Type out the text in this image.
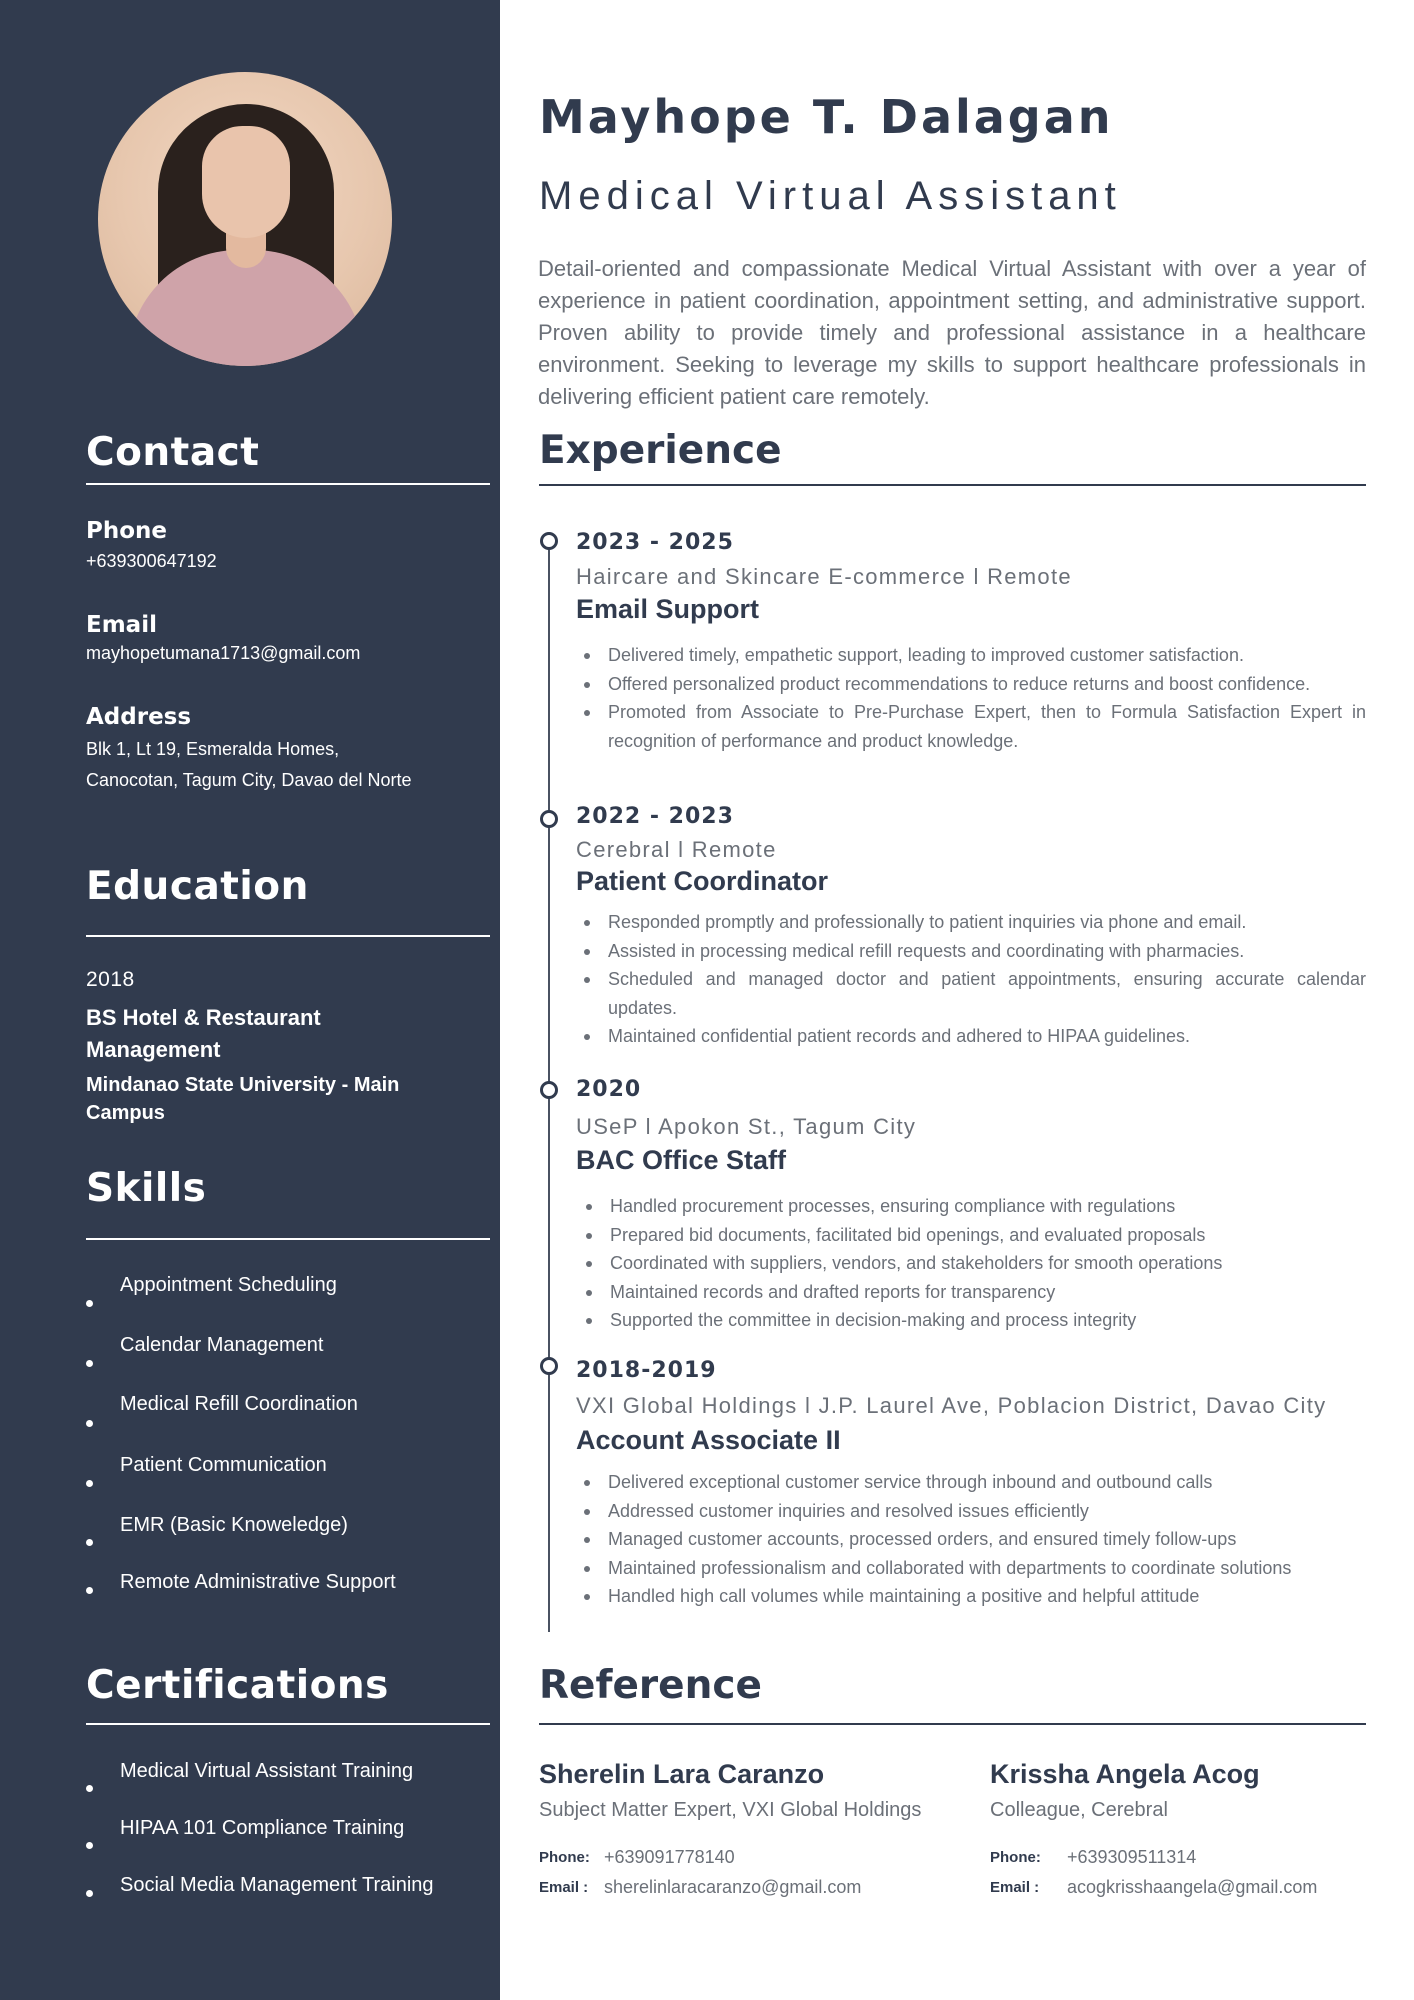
Contact
Phone
+639300647192
Email
mayhopetumana1713@gmail.com
Address
Blk 1, Lt 19, Esmeralda Homes, Canocotan, Tagum City, Davao del Norte
Education
2018
BS Hotel & Restaurant Management
Mindanao State University - Main Campus
Skills
Appointment Scheduling
Calendar Management
Medical Refill Coordination
Patient Communication
EMR (Basic Knoweledge)
Remote Administrative Support
Certifications
Medical Virtual Assistant Training
HIPAA 101 Compliance Training
Social Media Management Training
Mayhope T. Dalagan
Medical Virtual Assistant
Detail-oriented and compassionate Medical Virtual Assistant with over a year of experience in patient coordination, appointment setting, and administrative support. Proven ability to provide timely and professional assistance in a healthcare environment. Seeking to leverage my skills to support healthcare professionals in delivering efficient patient care remotely.
Experience
2023 - 2025
Haircare and Skincare E-commerce l Remote
Email Support
Delivered timely, empathetic support, leading to improved customer satisfaction.
Offered personalized product recommendations to reduce returns and boost confidence.
Promoted from Associate to Pre-Purchase Expert, then to Formula Satisfaction Expert in recognition of performance and product knowledge.
2022 - 2023
Cerebral l Remote
Patient Coordinator
Responded promptly and professionally to patient inquiries via phone and email.
Assisted in processing medical refill requests and coordinating with pharmacies.
Scheduled and managed doctor and patient appointments, ensuring accurate calendar updates.
Maintained confidential patient records and adhered to HIPAA guidelines.
2020
USeP l Apokon St., Tagum City
BAC Office Staff
Handled procurement processes, ensuring compliance with regulations
Prepared bid documents, facilitated bid openings, and evaluated proposals
Coordinated with suppliers, vendors, and stakeholders for smooth operations
Maintained records and drafted reports for transparency
Supported the committee in decision-making and process integrity
2018-2019
VXI Global Holdings l J.P. Laurel Ave, Poblacion District, Davao City
Account Associate II
Delivered exceptional customer service through inbound and outbound calls
Addressed customer inquiries and resolved issues efficiently
Managed customer accounts, processed orders, and ensured timely follow-ups
Maintained professionalism and collaborated with departments to coordinate solutions
Handled high call volumes while maintaining a positive and helpful attitude
Reference
Sherelin Lara Caranzo
Subject Matter Expert, VXI Global Holdings
Phone: +639091778140
Email : sherelinlaracaranzo@gmail.com
Krissha Angela Acog
Colleague, Cerebral
Phone: +639309511314
Email : acogkrisshaangela@gmail.com
